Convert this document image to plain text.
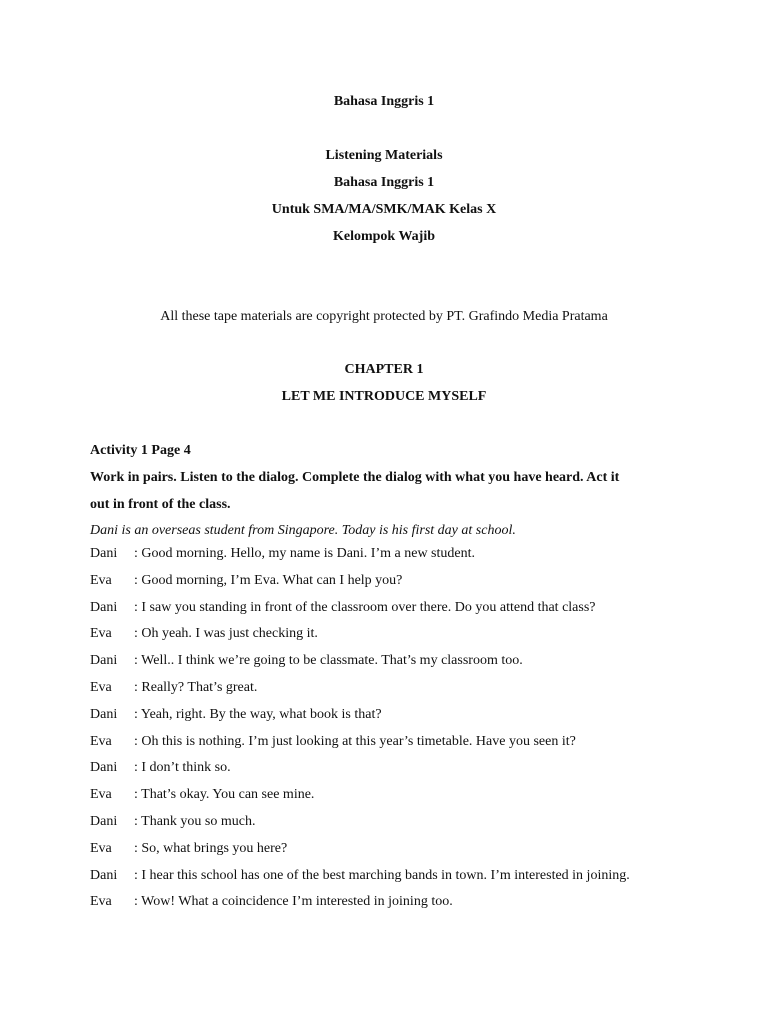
Bahasa Inggris 1
Listening Materials
Bahasa Inggris 1
Untuk SMA/MA/SMK/MAK Kelas X
Kelompok Wajib
All these tape materials are copyright protected by PT. Grafindo Media Pratama
CHAPTER 1
LET ME INTRODUCE MYSELF
Activity 1 Page 4
Work in pairs. Listen to the dialog. Complete the dialog with what you have heard. Act it
out in front of the class.
Dani is an overseas student from Singapore. Today is his first day at school.
Dani	: Good morning. Hello, my name is Dani. I’m a new student.
Eva	: Good morning, I’m Eva. What can I help you?
Dani	: I saw you standing in front of the classroom over there. Do you attend that class?
Eva	: Oh yeah. I was just checking it.
Dani	: Well.. I think we’re going to be classmate. That’s my classroom too.
Eva	: Really? That’s great.
Dani	: Yeah, right. By the way, what book is that?
Eva	: Oh this is nothing. I’m just looking at this year’s timetable. Have you seen it?
Dani	: I don’t think so.
Eva	: That’s okay. You can see mine.
Dani	: Thank you so much.
Eva	: So, what brings you here?
Dani	: I hear this school has one of the best marching bands in town. I’m interested in joining.
Eva	: Wow! What a coincidence I’m interested in joining too.
